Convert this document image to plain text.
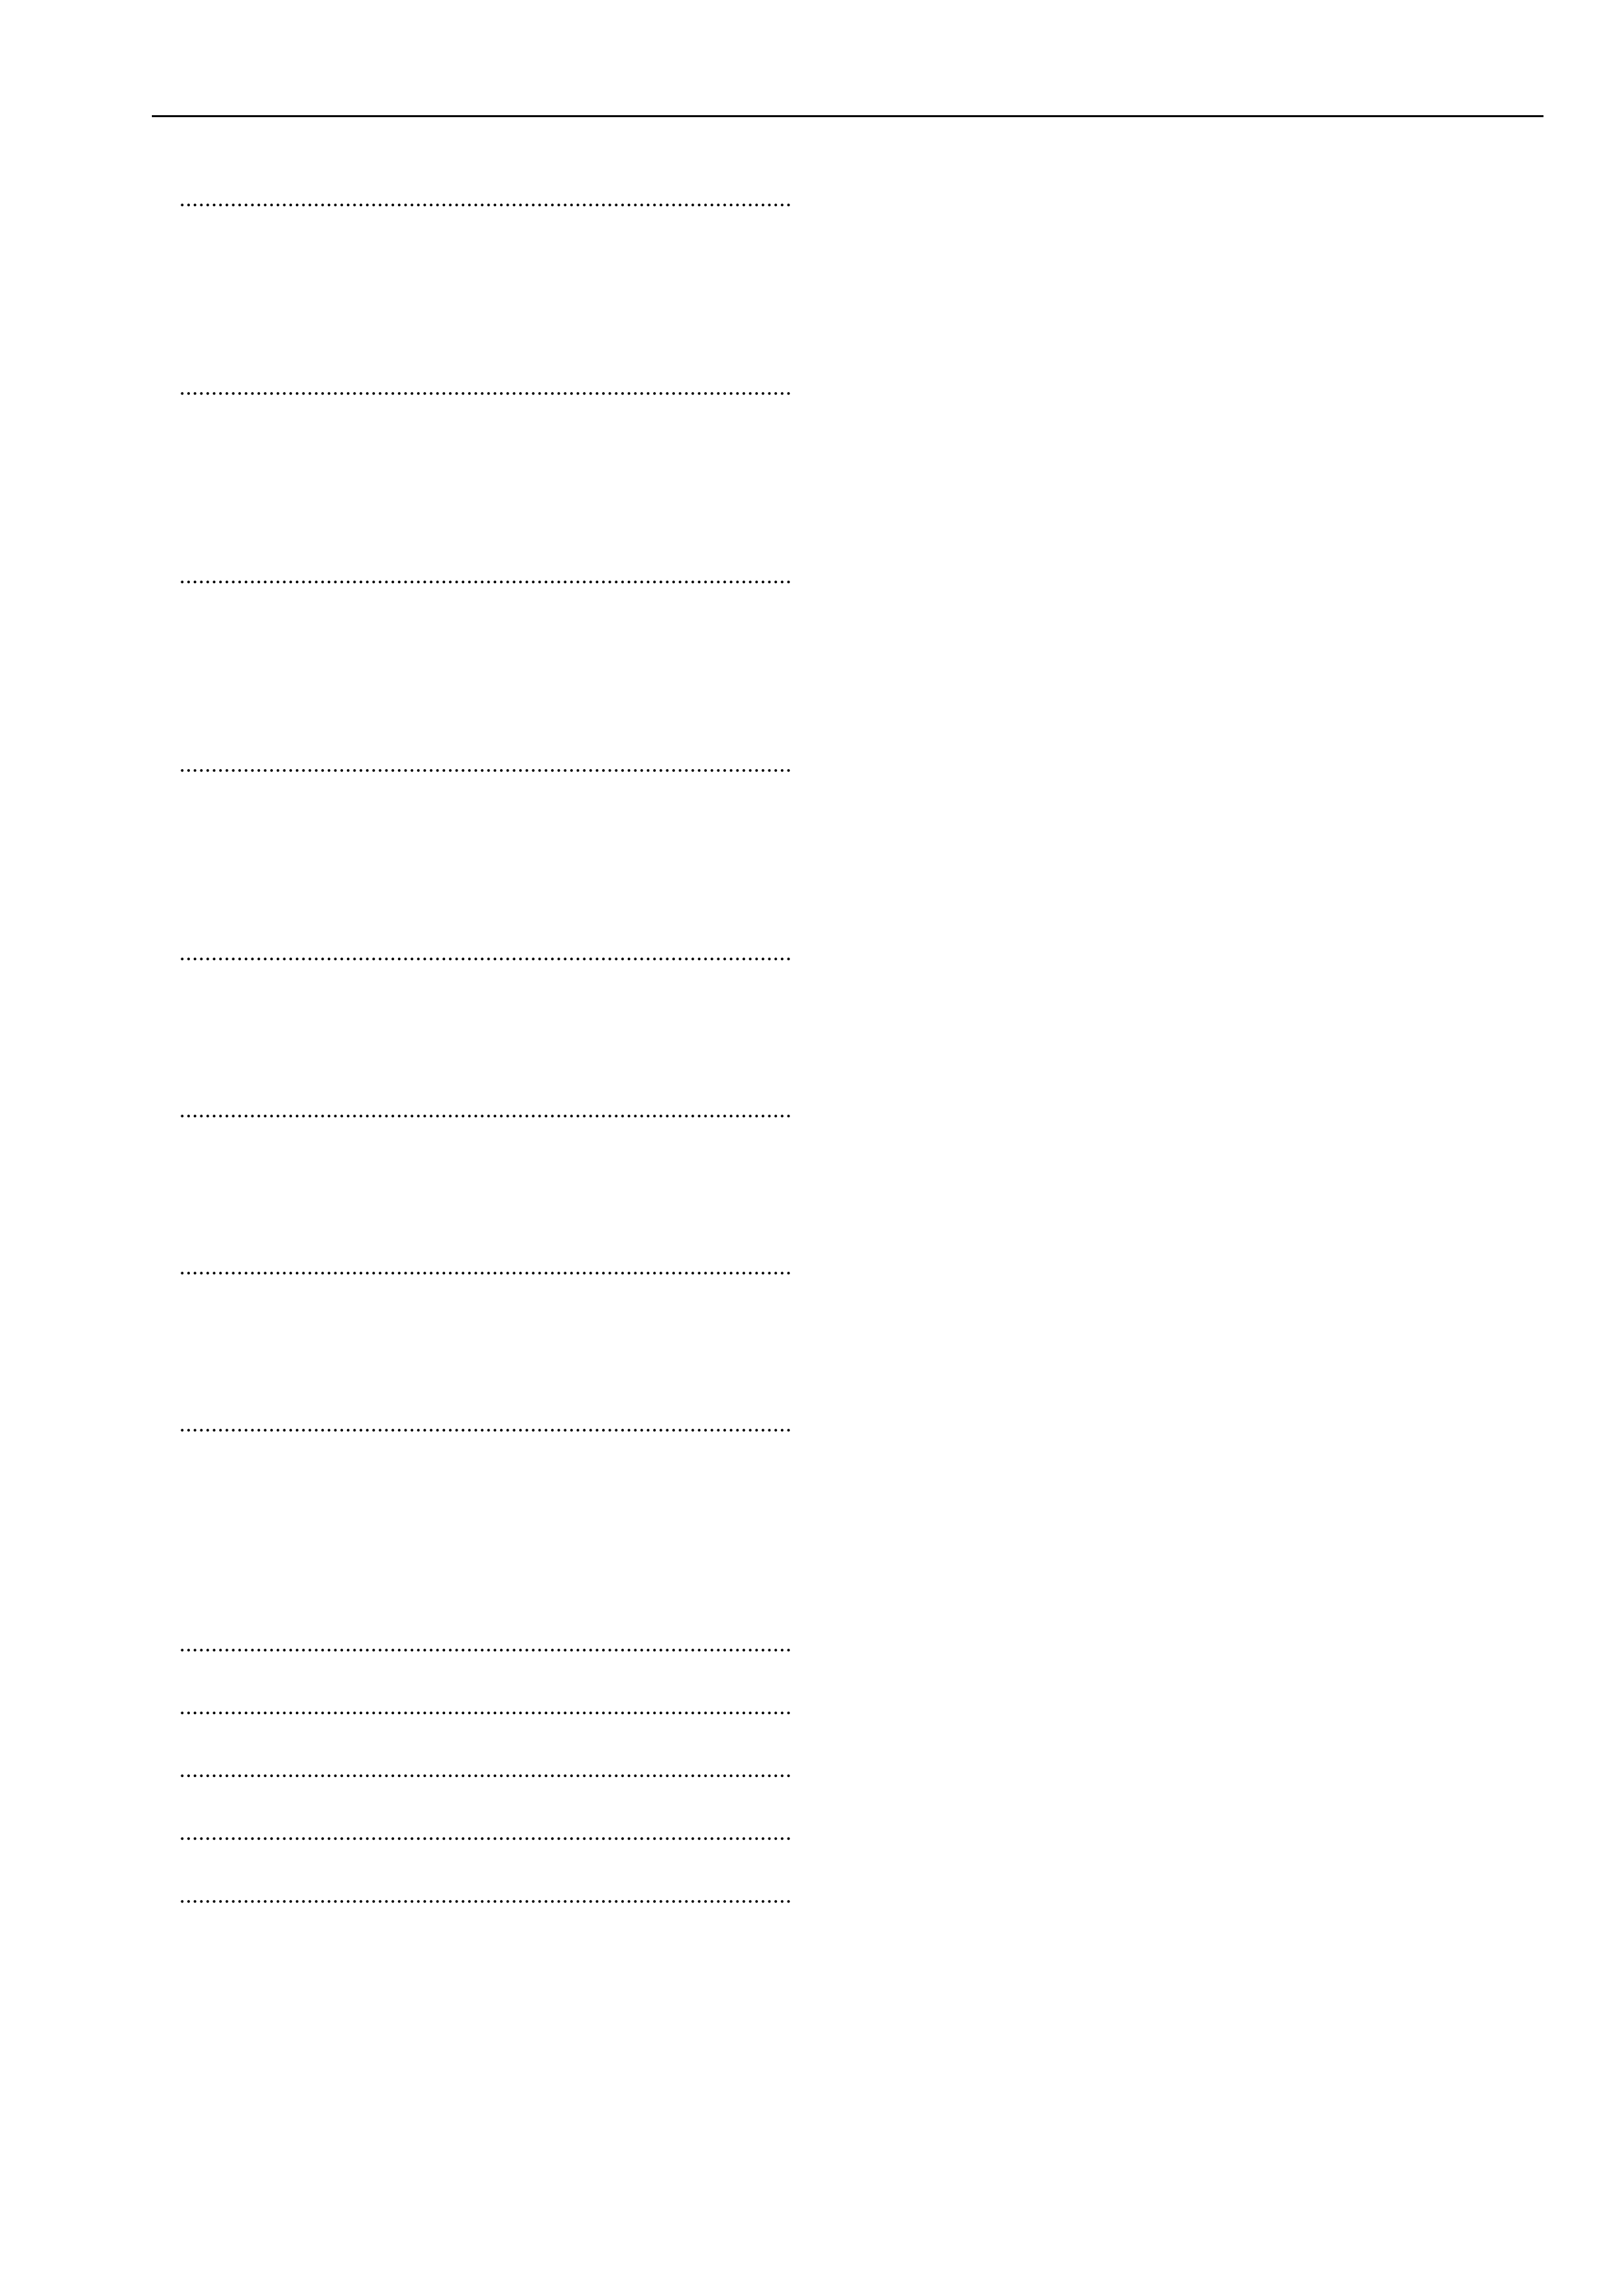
.....
.....
.....
.....
.....
.....
.....
.....
.....
.....
.....
.....
.....
